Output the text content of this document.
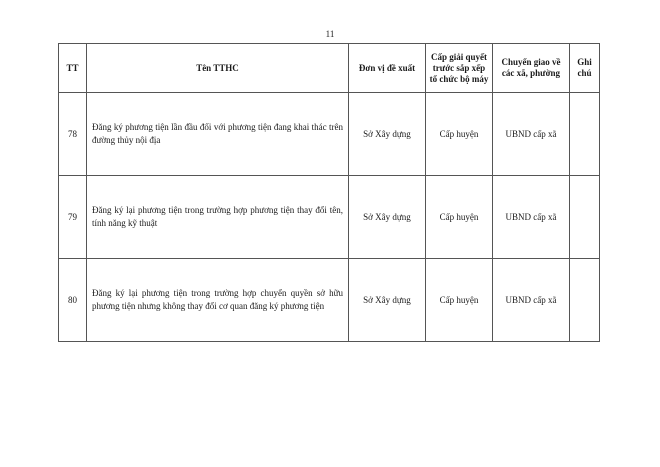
11
TT	Tên TTHC	Đơn vị đề xuất	Cấp giải quyết trước sắp xếp tổ chức bộ máy	Chuyển giao về các xã, phường	Ghi chú
78	Đăng ký phương tiện lần đầu đối với phương tiện đang khai thác trên đường thủy nội địa	Sở Xây dựng	Cấp huyện	UBND cấp xã	
79	Đăng ký lại phương tiện trong trường hợp phương tiện thay đổi tên, tính năng kỹ thuật	Sở Xây dựng	Cấp huyện	UBND cấp xã	
80	Đăng ký lại phương tiện trong trường hợp chuyển quyền sở hữu phương tiện nhưng không thay đổi cơ quan đăng ký phương tiện	Sở Xây dựng	Cấp huyện	UBND cấp xã	
